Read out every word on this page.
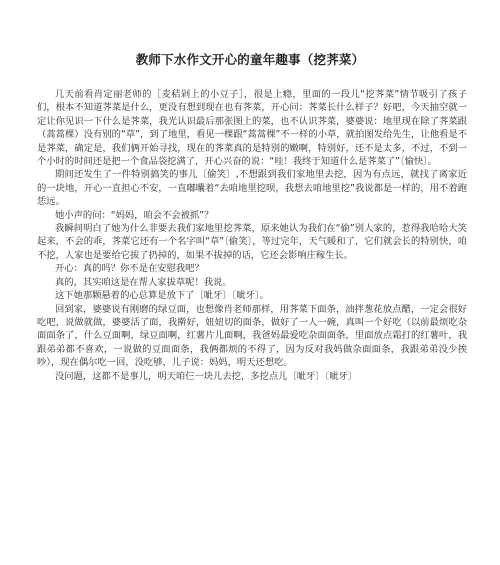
教师下水作文开心的童年趣事（挖荠菜）

几天前看肖定丽老师的［麦秸剁上的小豆子］，很是上瘾，里面的一段儿“挖荠菜”情节吸引了孩子们，根本不知道荠菜是什么，更没有想到现在也有荠菜，开心问：荠菜长什么样子？好吧，今天抽空就一定让你见识一下什么是荠菜，我光认识最后那张图上的菜，也不认识荠菜，婆婆说：地里现在除了荠菜跟（蒿蒿棵）没有别的“草”，到了地里，看见一棵跟“蒿蒿棵”不一样的小草，就拍图发给先生，让他看是不是荠菜，确定是，我们俩开始寻找，现在的荠菜真的是特别的嫩啊，特别好，还不是太多，不过，不到一个小时的时间还是把一个食品袋挖满了，开心兴奋的说：“哇！我终于知道什么是荠菜了”〔愉快〕。

期间还发生了一件特别搞笑的事儿〔偷笑〕,不想跟到我们家地里去挖，因为有点远，就找了离家近的一块地，开心一直担心不安，一直嘟囔着“去咱地里挖呗，我想去咱地里挖”我说都是一样的，用不着跑恁远。

她小声的问：“妈妈，咱会不会被抓”？

我瞬间明白了她为什么非要去我们家地里挖荠菜，原来她认为我们在“偷”别人家的，惹得我哈哈大笑起来，不会的乖，荠菜它还有一个名字叫“草”〔偷笑〕，等过完年，天气暖和了，它们就会长的特别快，咱不挖，人家也是要给它拔了扔掉的，如果不拔掉的话，它还会影响庄稼生长。

开心：真的吗？你不是在安慰我吧？

真的，其实咱这是在帮人家拔草呢！我说。

这下她那颗悬着的心总算是放下了〔呲牙〕〔呲牙〕。

回到家，婆婆说有刚磨的绿豆面，也想像肖老师那样，用荠菜下面条，油拌葱花放点醋，一定会很好吃吧，说做就做，婆婆活了面，我擀好，妞妞切的面条，做好了一人一碗，真叫一个好吃（以前最烦吃杂面面条了，什么豆面啊，绿豆面啊，红薯片儿面啊，我爸妈最爱吃杂面面条，里面放点霜打的红薯叶，我跟弟弟都不喜欢，一说做的豆面面条，我俩都烦的不得了，因为反对我妈做杂面面条，我跟弟弟没少挨吵），现在偶尔吃一回，没吃够，儿子说：妈妈，明天还想吃。

没问题，这都不是事儿，明天咱仨一块儿去挖，多挖点儿〔呲牙〕〔呲牙〕
